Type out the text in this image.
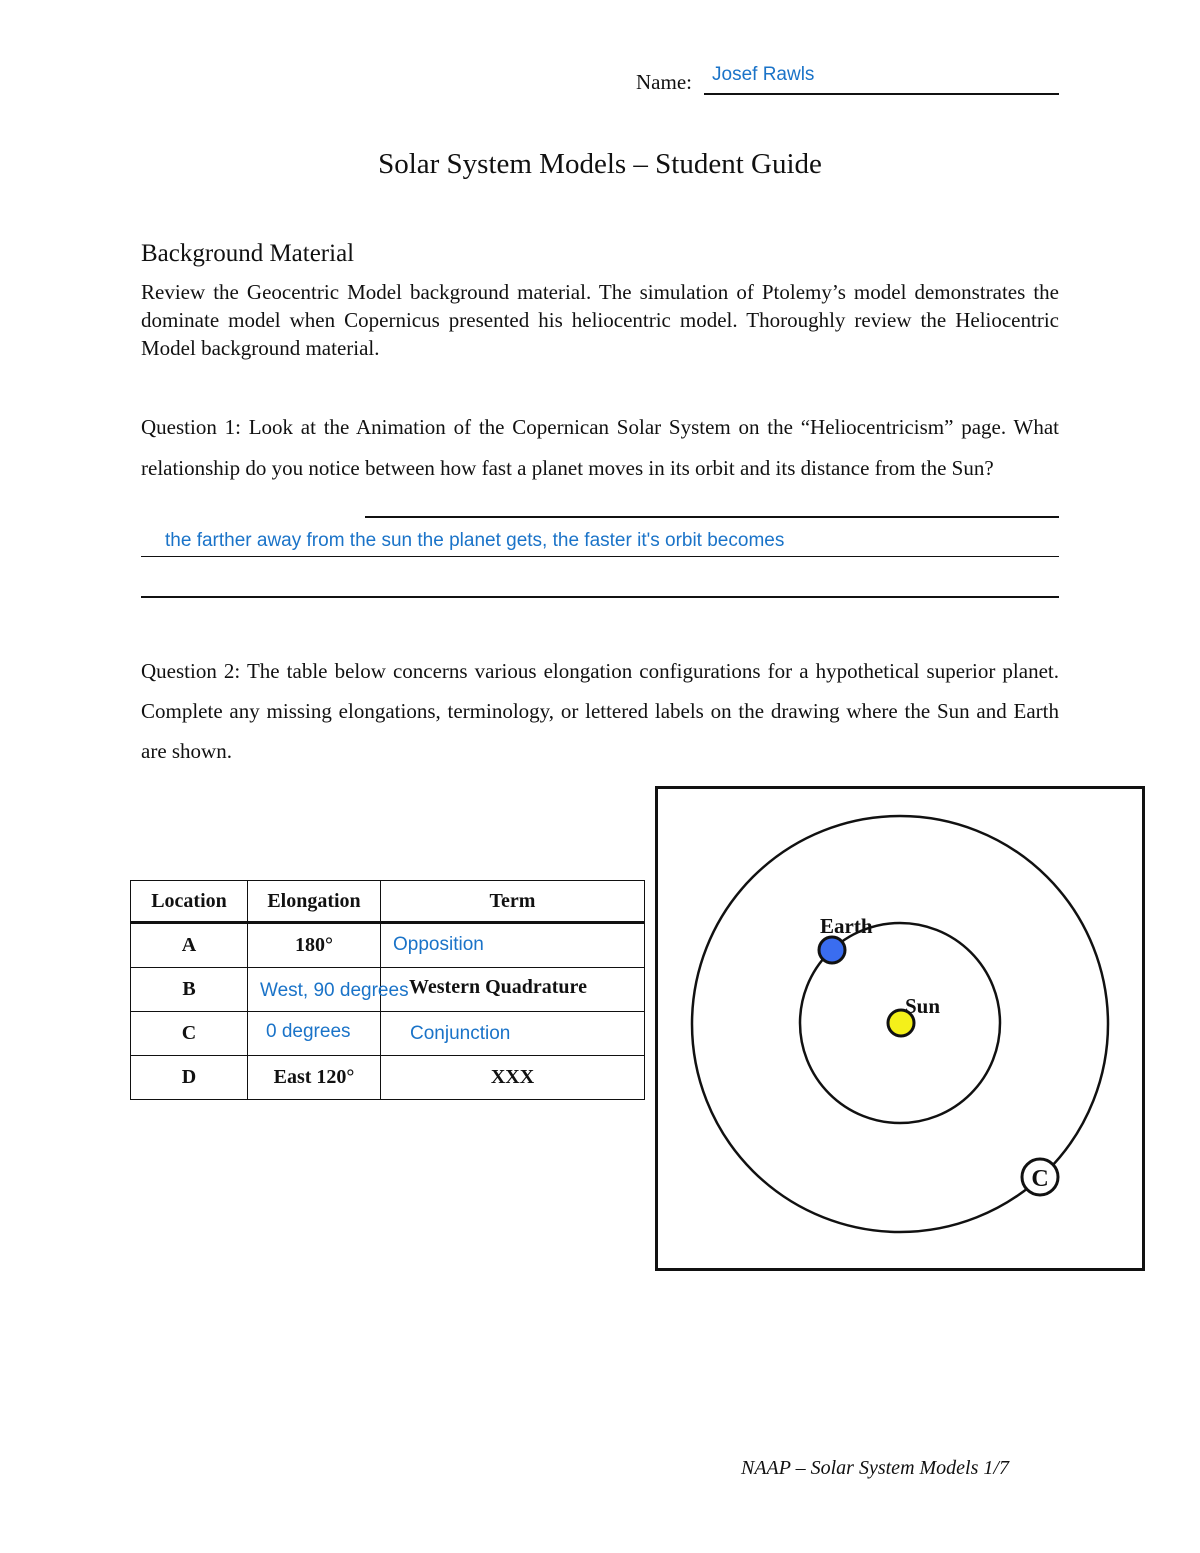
Name: Josef Rawls
Solar System Models – Student Guide
Background Material
Review the Geocentric Model background material. The simulation of Ptolemy’s model demonstrates the dominate model when Copernicus presented his heliocentric model. Thoroughly review the Heliocentric Model background material.
Question 1: Look at the Animation of the Copernican Solar System on the “Heliocentricism” page. What relationship do you notice between how fast a planet moves in its orbit and its distance from the Sun?
the farther away from the sun the planet gets, the faster it's orbit becomes
Question 2: The table below concerns various elongation configurations for a hypothetical superior planet. Complete any missing elongations, terminology, or lettered labels on the drawing where the Sun and Earth are shown.
Location	Elongation	Term
A	180°	Opposition

B	West, 90 degrees	Western Quadrature

C	0 degrees	Conjunction

D	East 120°	XXX
C
Earth
Sun
NAAP – Solar System Models 1/7
